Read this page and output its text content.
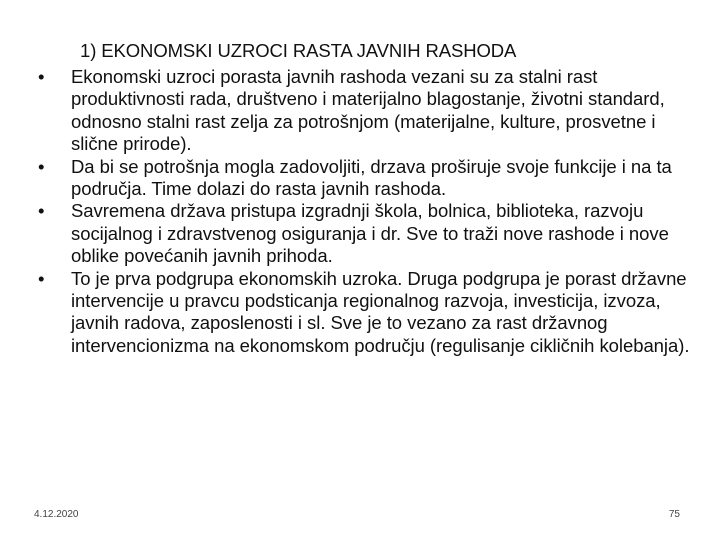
1) EKONOMSKI UZROCI RASTA JAVNIH RASHODA
•	Ekonomski uzroci porasta javnih rashoda vezani su za stalni rast produktivnosti rada, društveno i materijalno blagostanje, životni standard, odnosno stalni rast zelja za potrošnjom (materijalne, kulture, prosvetne i slične prirode).
•	Da bi se potrošnja mogla zadovoljiti, drzava proširuje svoje funkcije i na ta područja. Time dolazi do rasta javnih rashoda.
•	Savremena država pristupa izgradnji škola, bolnica, biblioteka, razvoju socijalnog i zdravstvenog osiguranja i dr. Sve to traži nove rashode i nove oblike povećanih javnih prihoda.
•	To je prva podgrupa ekonomskih uzroka. Druga podgrupa je porast državne intervencije u pravcu podsticanja regionalnog razvoja, investicija, izvoza, javnih radova, zaposlenosti i sl. Sve je to vezano za rast državnog intervencionizma na ekonomskom području (regulisanje cikličnih kolebanja).
4.12.2020	75
